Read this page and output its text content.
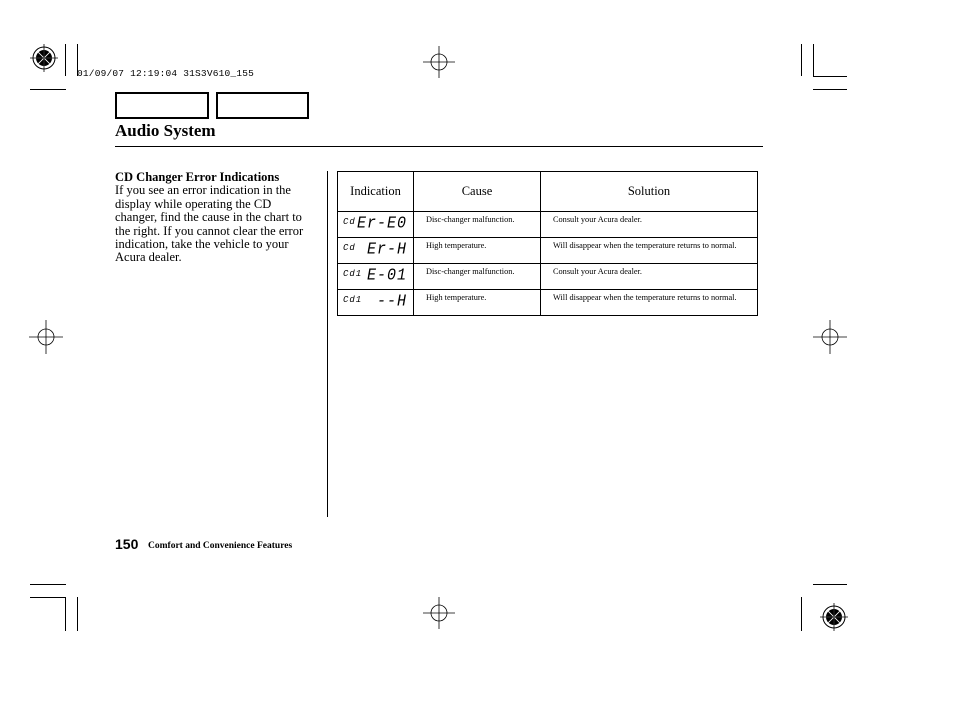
01/09/07 12:19:04 31S3V610_155
Audio System
CD Changer Error Indications
If you see an error indication in the display while operating the CD changer, find the cause in the chart to the right. If you cannot clear the error indication, take the vehicle to your Acura dealer.
Indication	Cause	Solution

Cd Er-E0	Disc-changer malfunction.	Consult your Acura dealer.

Cd Er-H	High temperature.	Will disappear when the temperature returns to normal.

Cd1 E-01	Disc-changer malfunction.	Consult your Acura dealer.

Cd1 --H	High temperature.	Will disappear when the temperature returns to normal.
150 Comfort and Convenience Features
